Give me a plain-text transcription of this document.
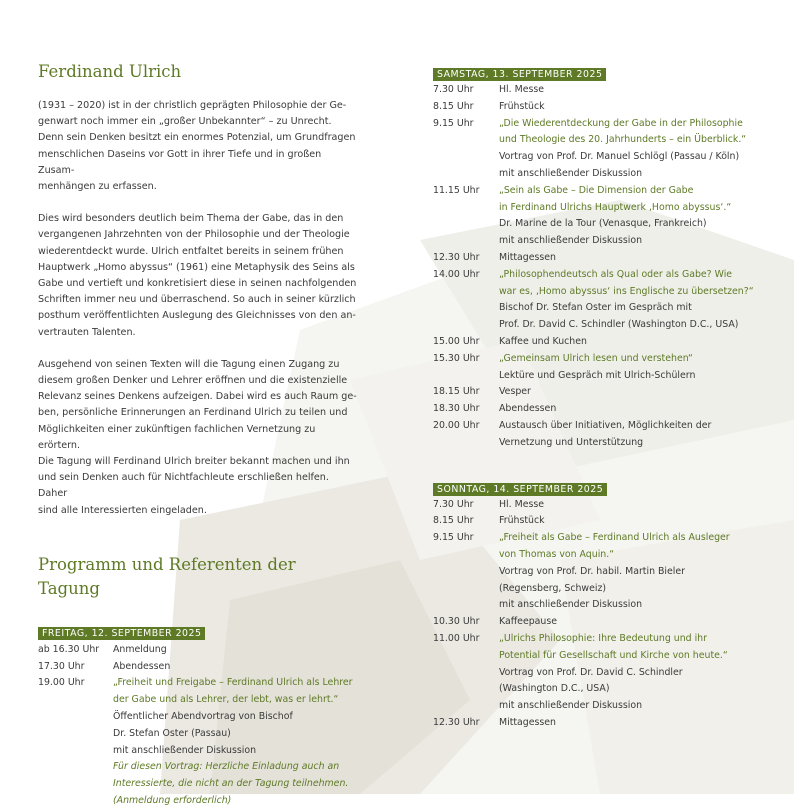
Ferdinand Ulrich
(1931 – 2020) ist in der christlich geprägten Philosophie der Ge-
genwart noch immer ein „großer Unbekannter“ – zu Unrecht.
Denn sein Denken besitzt ein enormes Potenzial, um Grundfragen
menschlichen Daseins vor Gott in ihrer Tiefe und in großen Zusam-
menhängen zu erfassen.
Dies wird besonders deutlich beim Thema der Gabe, das in den
vergangenen Jahrzehnten von der Philosophie und der Theologie
wiederentdeckt wurde. Ulrich entfaltet bereits in seinem frühen
Hauptwerk „Homo abyssus“ (1961) eine Metaphysik des Seins als
Gabe und vertieft und konkretisiert diese in seinen nachfolgenden
Schriften immer neu und überraschend. So auch in seiner kürzlich
posthum veröffentlichten Auslegung des Gleichnisses von den an-
vertrauten Talenten.
Ausgehend von seinen Texten will die Tagung einen Zugang zu
diesem großen Denker und Lehrer eröffnen und die existenzielle
Relevanz seines Denkens aufzeigen. Dabei wird es auch Raum ge-
ben, persönliche Erinnerungen an Ferdinand Ulrich zu teilen und
Möglichkeiten einer zukünftigen fachlichen Vernetzung zu erörtern.
Die Tagung will Ferdinand Ulrich breiter bekannt machen und ihn
und sein Denken auch für Nichtfachleute erschließen helfen. Daher
sind alle Interessierten eingeladen.
Programm und Referenten der Tagung
FREITAG, 12. SEPTEMBER 2025
ab 16.30 Uhr	Anmeldung
17.30 Uhr	Abendessen
19.00 Uhr	„Freiheit und Freigabe – Ferdinand Ulrich als Lehrer
der Gabe und als Lehrer, der lebt, was er lehrt.“
Öffentlicher Abendvortrag von Bischof
Dr. Stefan Oster (Passau)
mit anschließender Diskussion
Für diesen Vortrag: Herzliche Einladung auch an
Interessierte, die nicht an der Tagung teilnehmen.
(Anmeldung erforderlich)
SAMSTAG, 13. SEPTEMBER 2025
7.30 Uhr	Hl. Messe
8.15 Uhr	Frühstück
9.15 Uhr	„Die Wiederentdeckung der Gabe in der Philosophie
und Theologie des 20. Jahrhunderts – ein Überblick.“
Vortrag von Prof. Dr. Manuel Schlögl (Passau / Köln)
mit anschließender Diskussion
11.15 Uhr	„Sein als Gabe – Die Dimension der Gabe
in Ferdinand Ulrichs Hauptwerk ‚Homo abyssus‘.“
Dr. Marine de la Tour (Venasque, Frankreich)
mit anschließender Diskussion
12.30 Uhr	Mittagessen
14.00 Uhr	„Philosophendeutsch als Qual oder als Gabe? Wie
war es, ‚Homo abyssus‘ ins Englische zu übersetzen?“
Bischof Dr. Stefan Oster im Gespräch mit
Prof. Dr. David C. Schindler (Washington D.C., USA)
15.00 Uhr	Kaffee und Kuchen
15.30 Uhr	„Gemeinsam Ulrich lesen und verstehen“
Lektüre und Gespräch mit Ulrich-Schülern
18.15 Uhr	Vesper
18.30 Uhr	Abendessen
20.00 Uhr	Austausch über Initiativen, Möglichkeiten der
Vernetzung und Unterstützung
SONNTAG, 14. SEPTEMBER 2025
7.30 Uhr	Hl. Messe
8.15 Uhr	Frühstück
9.15 Uhr	„Freiheit als Gabe – Ferdinand Ulrich als Ausleger
von Thomas von Aquin.“
Vortrag von Prof. Dr. habil. Martin Bieler
(Regensberg, Schweiz)
mit anschließender Diskussion
10.30 Uhr	Kaffeepause
11.00 Uhr	„Ulrichs Philosophie: Ihre Bedeutung und ihr
Potential für Gesellschaft und Kirche von heute.“
Vortrag von Prof. Dr. David C. Schindler
(Washington D.C., USA)
mit anschließender Diskussion
12.30 Uhr	Mittagessen
